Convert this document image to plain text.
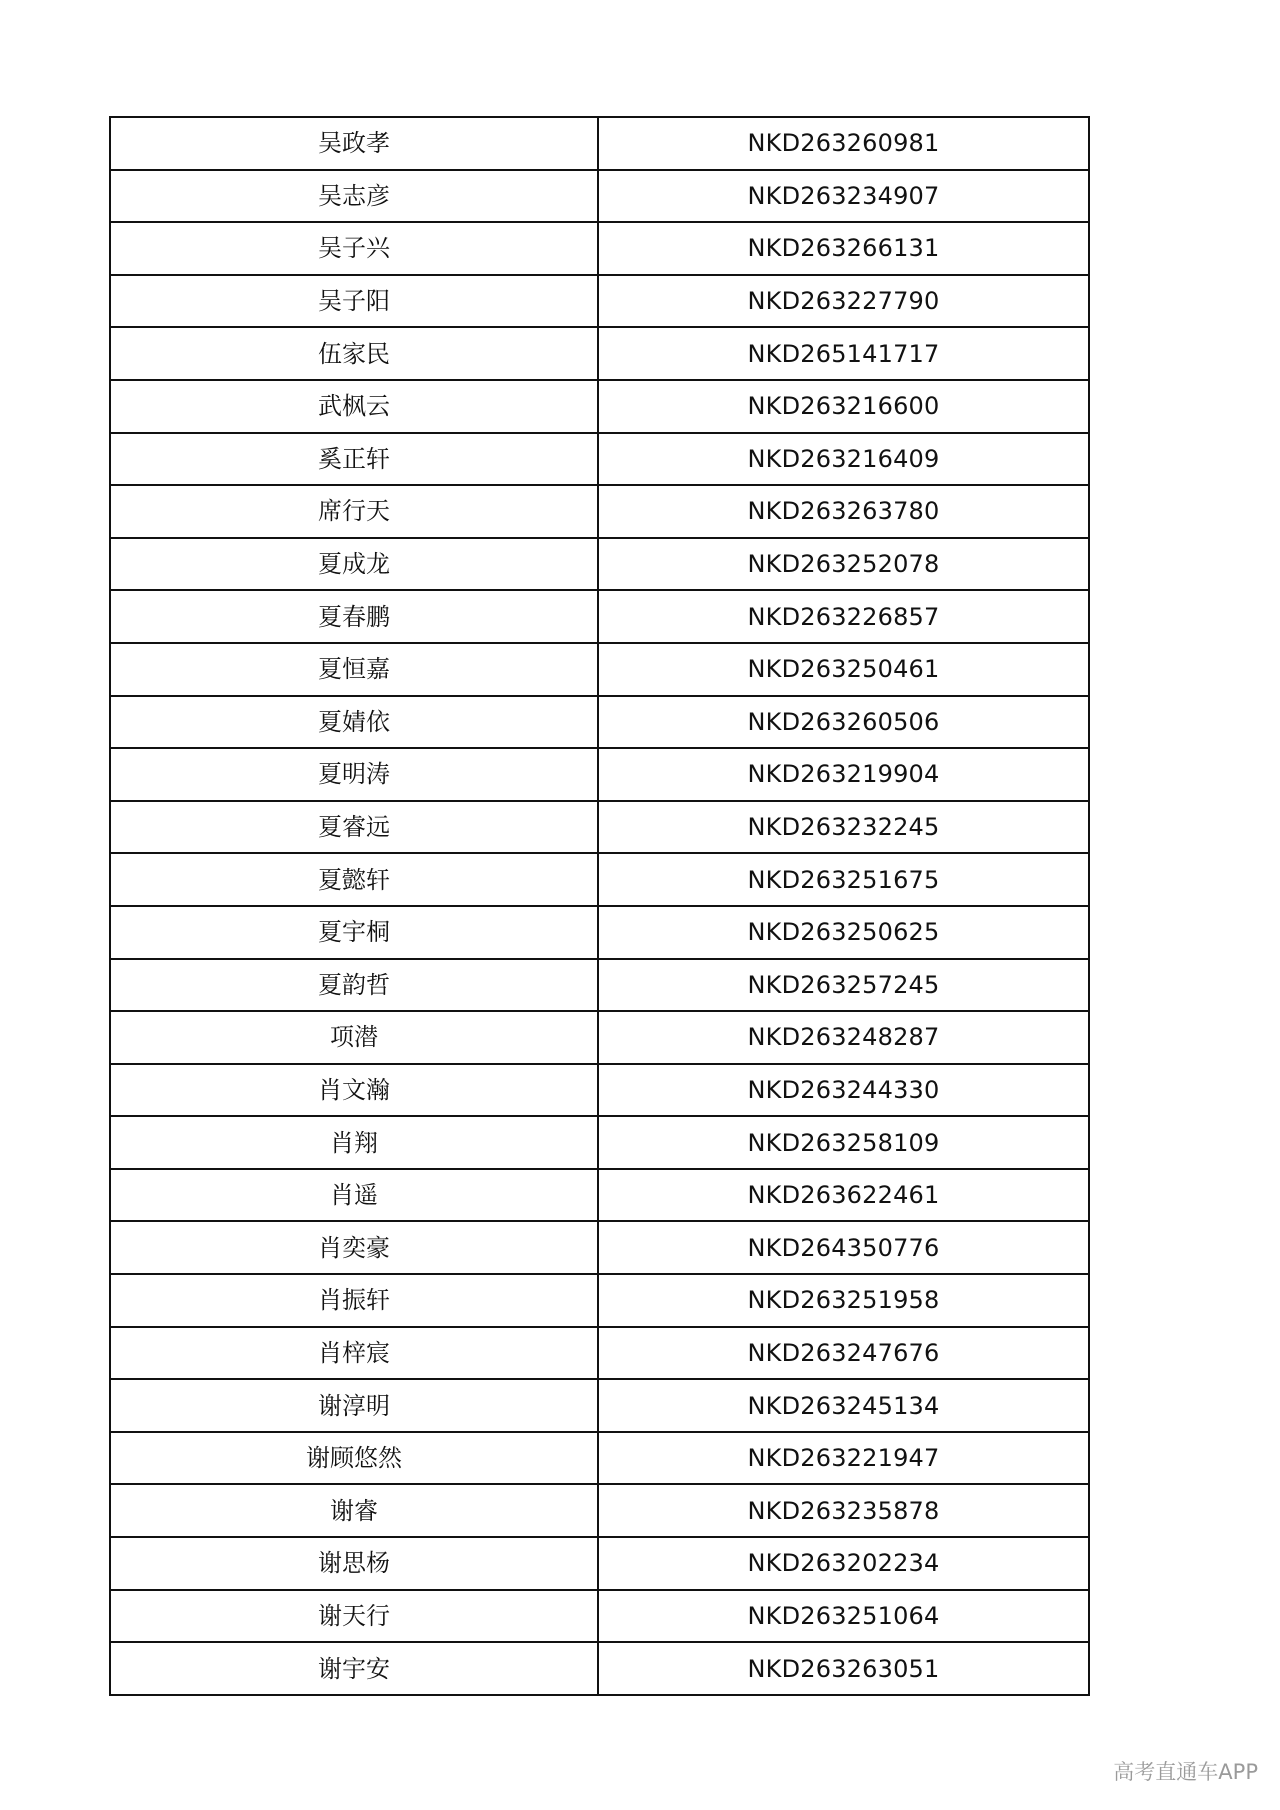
吴政孝	NKD263260981
吴志彦	NKD263234907
吴子兴	NKD263266131
吴子阳	NKD263227790
伍家民	NKD265141717
武枫云	NKD263216600
奚正轩	NKD263216409
席行天	NKD263263780
夏成龙	NKD263252078
夏春鹏	NKD263226857
夏恒嘉	NKD263250461
夏婧依	NKD263260506
夏明涛	NKD263219904
夏睿远	NKD263232245
夏懿轩	NKD263251675
夏宇桐	NKD263250625
夏韵哲	NKD263257245
项潜	NKD263248287
肖文瀚	NKD263244330
肖翔	NKD263258109
肖遥	NKD263622461
肖奕豪	NKD264350776
肖振轩	NKD263251958
肖梓宸	NKD263247676
谢淳明	NKD263245134
谢顾悠然	NKD263221947
谢睿	NKD263235878
谢思杨	NKD263202234
谢天行	NKD263251064
谢宇安	NKD263263051
高考直通车APP
